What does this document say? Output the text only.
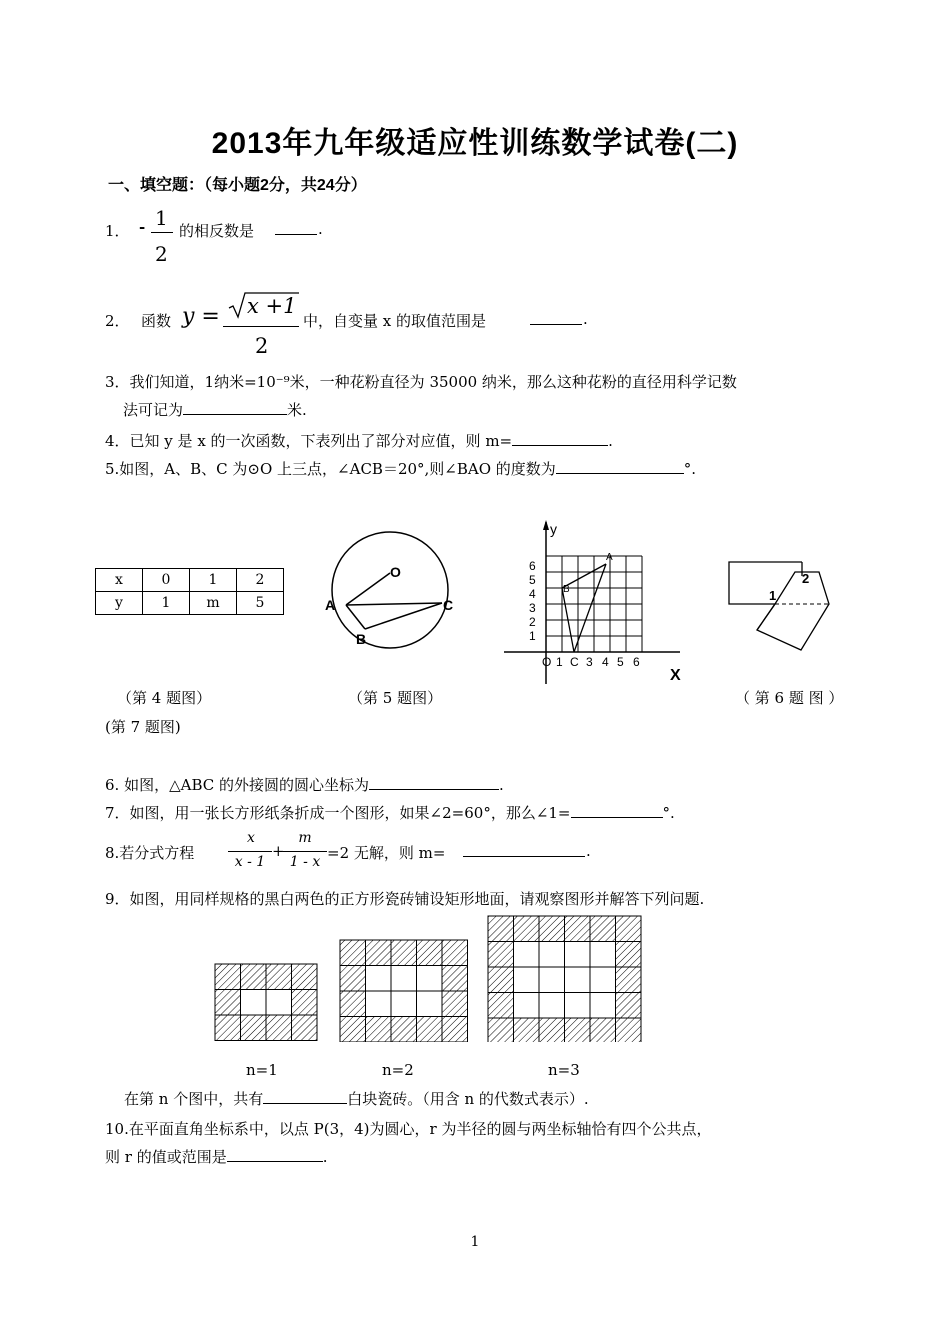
2013年九年级适应性训练数学试卷(二)
一、填空题：（每小题2分，共24分）
1． - 1
2
的相反数是	.
2． 函数 y = x +1
2
中，自变量 x 的取值范围是	.
3．我们知道，1纳米=10⁻⁹米，一种花粉直径为 35000 纳米，那么这种花粉的直径用科学记数
法可记为	米.
4．已知 y 是 x 的一次函数，下表列出了部分对应值，则 m=	.
5.如图，A、B、C 为⊙O 上三点，∠ACB＝20°,则∠BAO 的度数为	°.
x	0	1	2
y	1	m	5
O
A
B
C
y
X
A
B
6
5
4
3
2
1
O 1 C 3 4 5 6
1
2
（第 4 题图）	（第 5 题图）	（ 第 6 题 图 ）
(第 7 题图)
6. 如图，△ABC 的外接圆的圆心坐标为	.
7．如图，用一张长方形纸条折成一个图形，如果∠2=60°，那么∠1=	°.
8.若分式方程
x
x - 1
+
m
1 - x =2 无解，则 m=	.
9．如图，用同样规格的黑白两色的正方形瓷砖铺设矩形地面，请观察图形并解答下列问题.
n=1	n=2	n=3
在第 n 个图中，共有	白块瓷砖。（用含 n 的代数式表示）.
10.在平面直角坐标系中，以点 P(3，4)为圆心，r 为半径的圆与两坐标轴恰有四个公共点，
则 r 的值或范围是	.
1
